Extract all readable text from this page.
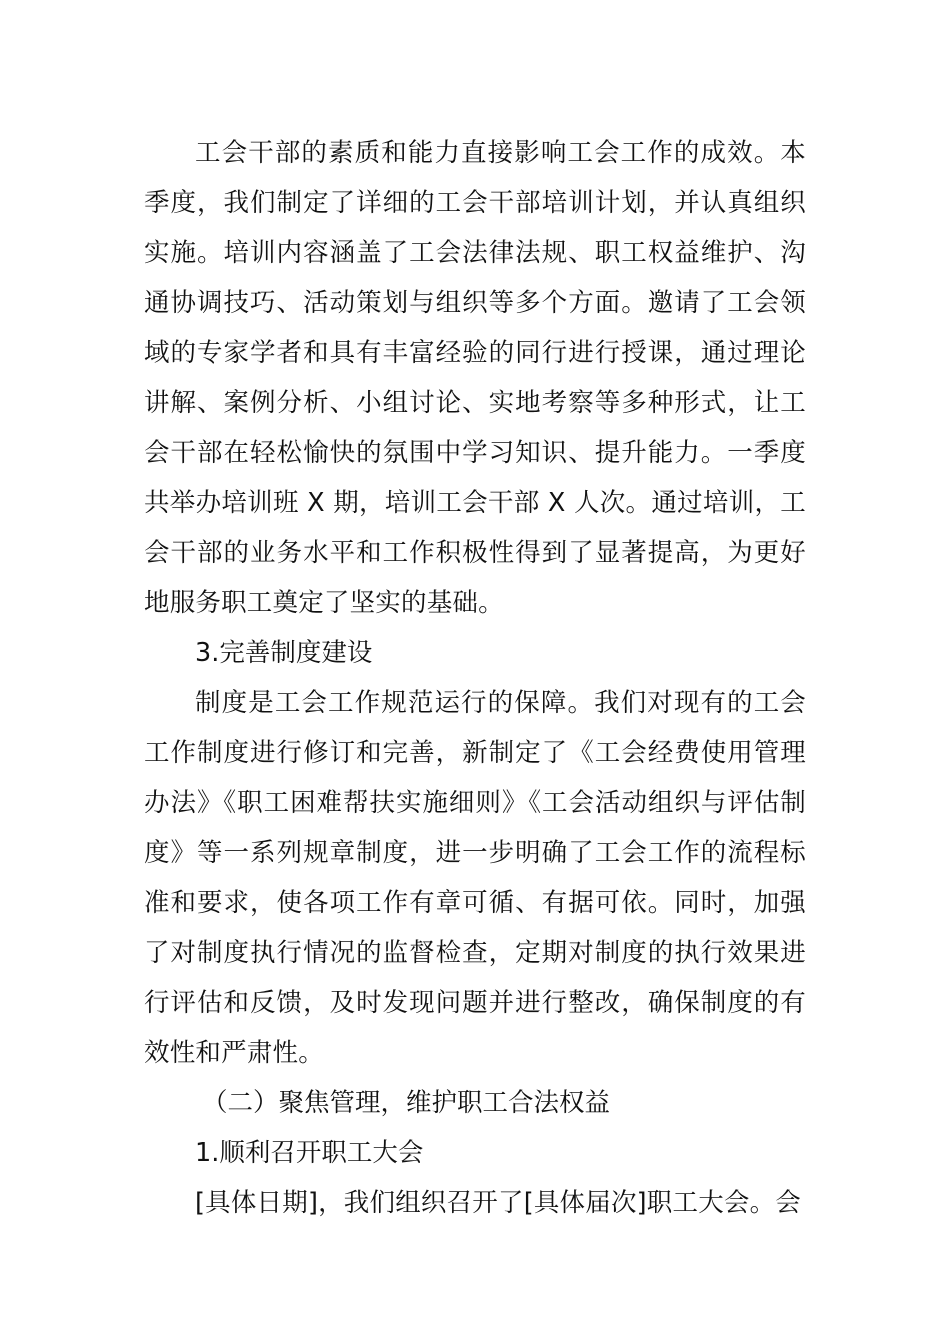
工会干部的素质和能力直接影响工会工作的成效。本季度，我们制定了详细的工会干部培训计划，并认真组织实施。培训内容涵盖了工会法律法规、职工权益维护、沟通协调技巧、活动策划与组织等多个方面。邀请了工会领域的专家学者和具有丰富经验的同行进行授课，通过理论讲解、案例分析、小组讨论、实地考察等多种形式，让工会干部在轻松愉快的氛围中学习知识、提升能力。一季度共举办培训班 X 期，培训工会干部 X 人次。通过培训，工会干部的业务水平和工作积极性得到了显著提高，为更好地服务职工奠定了坚实的基础。

3.完善制度建设

制度是工会工作规范运行的保障。我们对现有的工会工作制度进行修订和完善，新制定了《工会经费使用管理办法》《职工困难帮扶实施细则》《工会活动组织与评估制度》等一系列规章制度，进一步明确了工会工作的流程标准和要求，使各项工作有章可循、有据可依。同时，加强了对制度执行情况的监督检查，定期对制度的执行效果进行评估和反馈，及时发现问题并进行整改，确保制度的有效性和严肃性。

（二）聚焦管理，维护职工合法权益

1.顺利召开职工大会

[具体日期]，我们组织召开了[具体届次]职工大会。会
